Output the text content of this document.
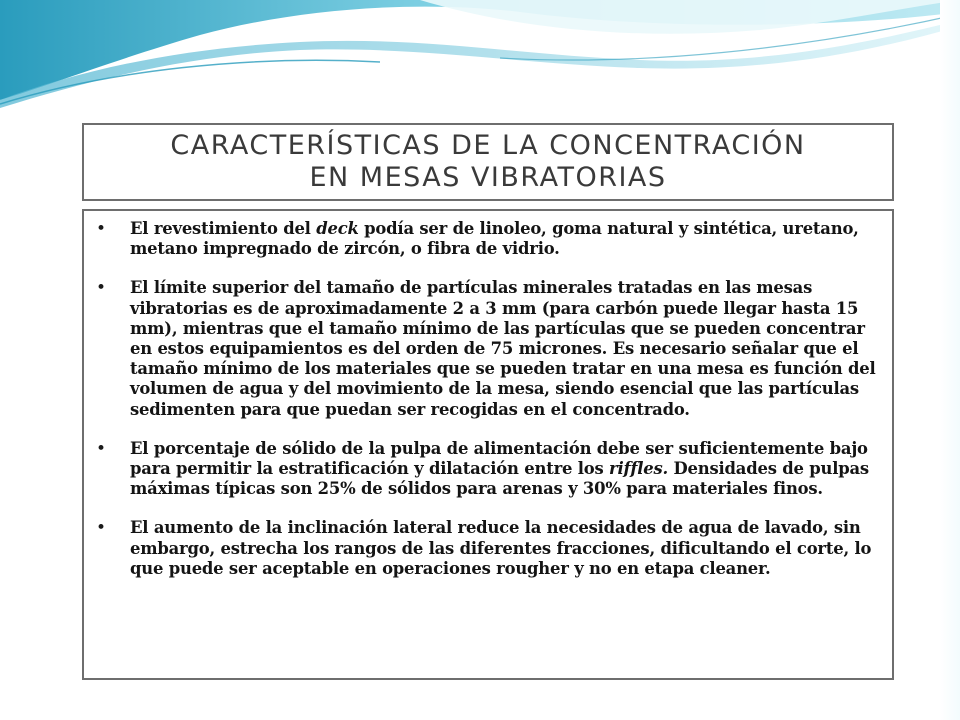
CARACTERÍSTICAS DE LA CONCENTRACIÓN
EN MESAS VIBRATORIAS
•	El revestimiento del deck podía ser de linoleo, goma natural y sintética, uretano, metano impregnado de zircón, o fibra de vidrio.
•	El límite superior del tamaño de partículas minerales tratadas en las mesas vibratorias es de aproximadamente 2 a 3 mm (para carbón puede llegar hasta 15 mm), mientras que el tamaño mínimo de las partículas que se pueden concentrar en estos equipamientos es del orden de 75 micrones. Es necesario señalar que el tamaño mínimo de los materiales que se pueden tratar en una mesa es función del volumen de agua y del movimiento de la mesa, siendo esencial que las partículas sedimenten para que puedan ser recogidas en el concentrado.
•	El porcentaje de sólido de la pulpa de alimentación debe ser suficientemente bajo para permitir la estratificación y dilatación entre los riffles. Densidades de pulpas máximas típicas son 25% de sólidos para arenas y 30% para materiales finos.
•	El aumento de la inclinación lateral reduce la necesidades de agua de lavado, sin embargo, estrecha los rangos de las diferentes fracciones, dificultando el corte, lo que puede ser aceptable en operaciones rougher y no en etapa cleaner.
